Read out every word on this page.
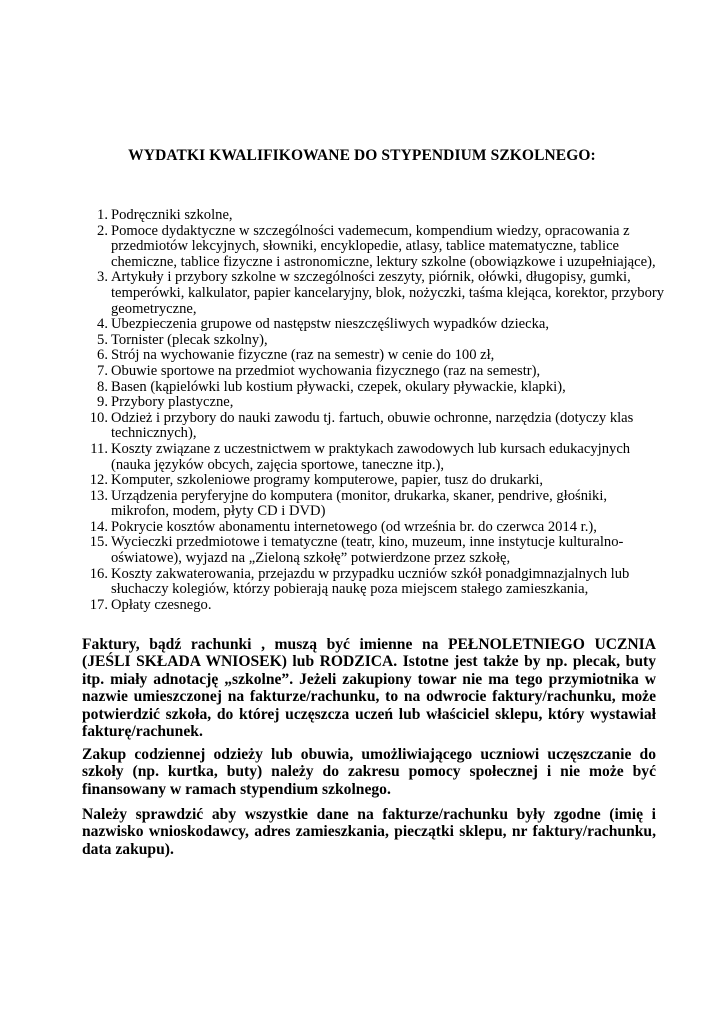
WYDATKI KWALIFIKOWANE DO STYPENDIUM SZKOLNEGO:
1. Podręczniki szkolne,
2. Pomoce dydaktyczne w szczególności vademecum, kompendium wiedzy, opracowania z przedmiotów lekcyjnych, słowniki, encyklopedie, atlasy, tablice matematyczne, tablice chemiczne, tablice fizyczne i astronomiczne, lektury szkolne (obowiązkowe i uzupełniające),
3. Artykuły i przybory szkolne w szczególności zeszyty, piórnik, ołówki, długopisy, gumki, temperówki, kalkulator, papier kancelaryjny, blok, nożyczki, taśma klejąca, korektor, przybory geometryczne,
4. Ubezpieczenia grupowe od następstw nieszczęśliwych wypadków dziecka,
5. Tornister (plecak szkolny),
6. Strój na wychowanie fizyczne (raz na semestr) w cenie do 100 zł,
7. Obuwie sportowe na przedmiot wychowania fizycznego (raz na semestr),
8. Basen (kąpielówki lub kostium pływacki, czepek, okulary pływackie, klapki),
9. Przybory plastyczne,
10. Odzież i przybory do nauki zawodu tj. fartuch, obuwie ochronne, narzędzia (dotyczy klas technicznych),
11. Koszty związane z uczestnictwem w praktykach zawodowych lub kursach edukacyjnych (nauka języków obcych, zajęcia sportowe, taneczne itp.),
12. Komputer, szkoleniowe programy komputerowe, papier, tusz do drukarki,
13. Urządzenia peryferyjne do komputera (monitor, drukarka, skaner, pendrive, głośniki, mikrofon, modem, płyty CD i DVD)
14. Pokrycie kosztów abonamentu internetowego (od września br. do czerwca 2014 r.),
15. Wycieczki przedmiotowe i tematyczne (teatr, kino, muzeum, inne instytucje kulturalno-oświatowe), wyjazd na „Zieloną szkołę” potwierdzone przez szkołę,
16. Koszty zakwaterowania, przejazdu w przypadku uczniów szkół ponadgimnazjalnych lub słuchaczy kolegiów, którzy pobierają naukę poza miejscem stałego zamieszkania,
17. Opłaty czesnego.

Faktury, bądź rachunki , muszą być imienne na PEŁNOLETNIEGO UCZNIA (JEŚLI SKŁADA WNIOSEK) lub RODZICA. Istotne jest także by np. plecak, buty itp. miały adnotację „szkolne”. Jeżeli zakupiony towar nie ma tego przymiotnika w nazwie umieszczonej na fakturze/rachunku, to na odwrocie faktury/rachunku, może potwierdzić szkoła, do której uczęszcza uczeń lub właściciel sklepu, który wystawiał fakturę/rachunek.

Zakup codziennej odzieży lub obuwia, umożliwiającego uczniowi uczęszczanie do szkoły (np. kurtka, buty) należy do zakresu pomocy społecznej i nie może być finansowany w ramach stypendium szkolnego.

Należy sprawdzić aby wszystkie dane na fakturze/rachunku były zgodne (imię i nazwisko wnioskodawcy, adres zamieszkania, pieczątki sklepu, nr faktury/rachunku, data zakupu).
